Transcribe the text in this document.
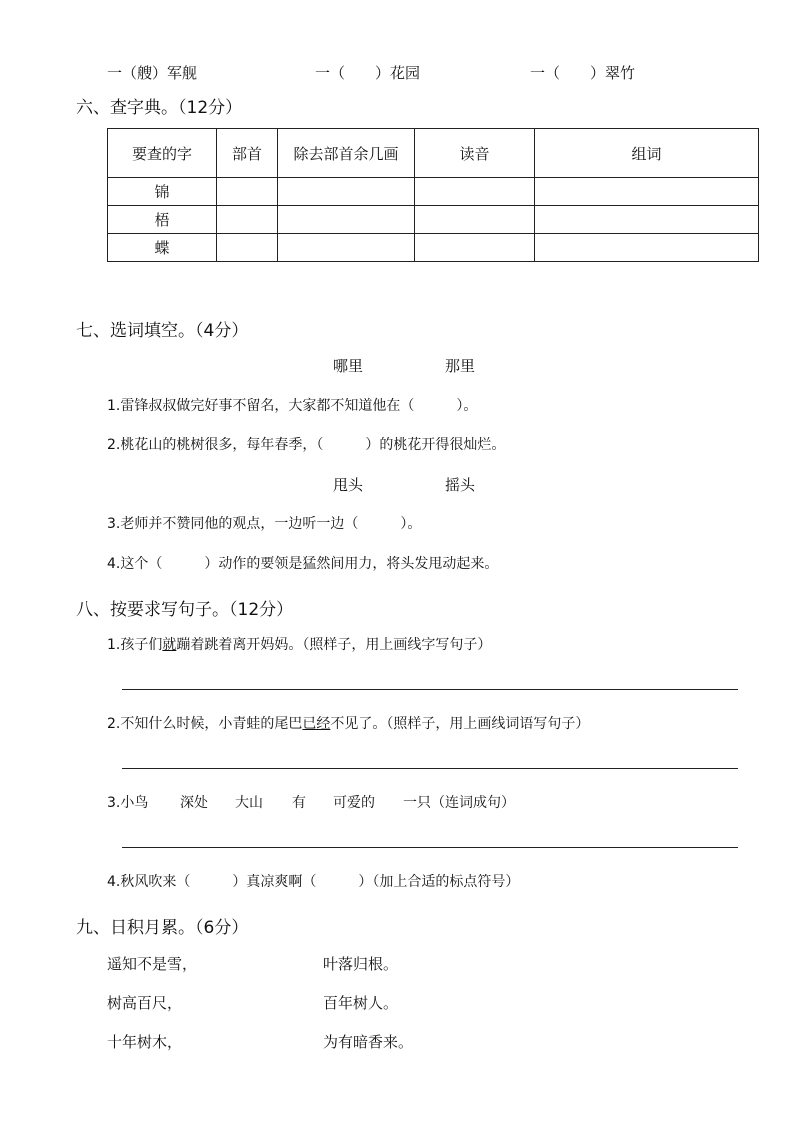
一（艘）军舰	一（　　）花园	一（　　）翠竹
六、查字典。（12分）
要查的字	部首	除去部首余几画	读音	组词
锦				
梧				
蝶				
七、选词填空。（4分）
哪里	那里
1.雷锋叔叔做完好事不留名，大家都不知道他在（　　　）。
2.桃花山的桃树很多，每年春季，（　　　）的桃花开得很灿烂。
甩头	摇头
3.老师并不赞同他的观点，一边听一边（　　　）。
4.这个（　　　）动作的要领是猛然间用力，将头发甩动起来。
八、按要求写句子。（12分）
1.孩子们就蹦着跳着离开妈妈。（照样子，用上画线字写句子）
2.不知什么时候，小青蛙的尾巴已经不见了。（照样子，用上画线词语写句子）
3.小鸟 深处 大山 有 可爱的 一只（连词成句）
4.秋风吹来（　　　）真凉爽啊（　　　）（加上合适的标点符号）
九、日积月累。（6分）
遥知不是雪，	叶落归根。
树高百尺，	百年树人。
十年树木，	为有暗香来。
